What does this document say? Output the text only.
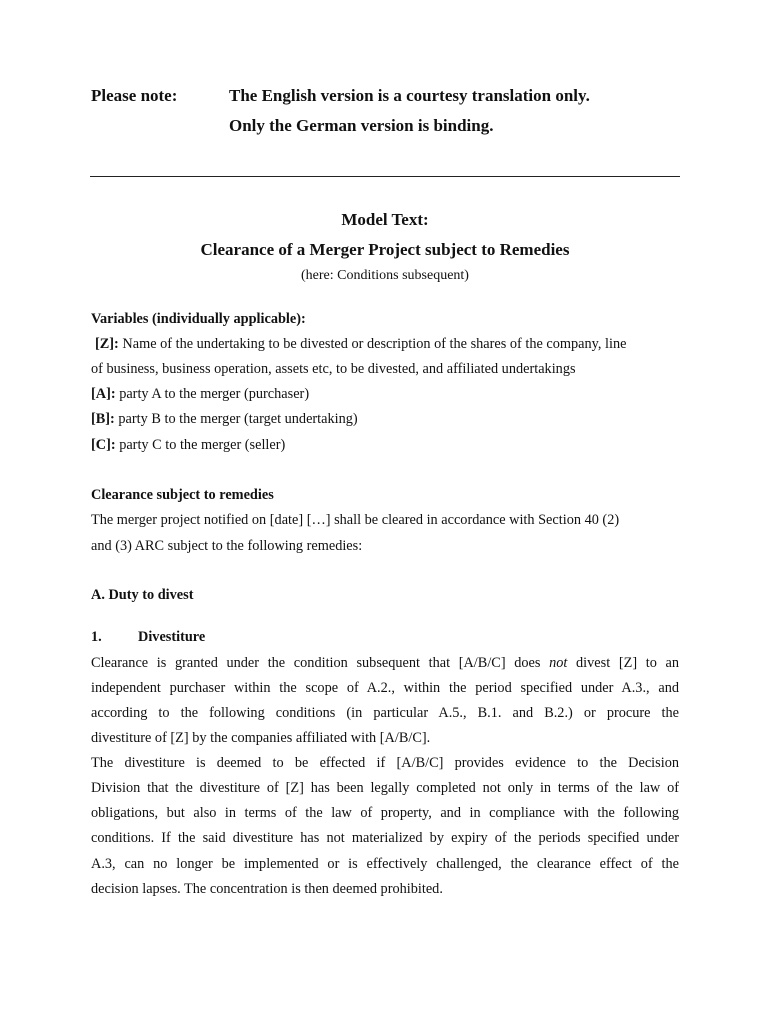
Please note:	The English version is a courtesy translation only.
Only the German version is binding.
Model Text:
Clearance of a Merger Project subject to Remedies
(here: Conditions subsequent)
Variables (individually applicable):
[Z]: Name of the undertaking to be divested or description of the shares of the company, line
of business, business operation, assets etc, to be divested, and affiliated undertakings
[A]: party A to the merger (purchaser)
[B]: party B to the merger (target undertaking)
[C]: party C to the merger (seller)
Clearance subject to remedies
The merger project notified on [date] […] shall be cleared in accordance with Section 40 (2)
and (3) ARC subject to the following remedies:
A. Duty to divest
1.	Divestiture
Clearance is granted under the condition subsequent that [A/B/C] does not divest [Z] to an
independent purchaser within the scope of A.2., within the period specified under A.3., and
according to the following conditions (in particular A.5., B.1. and B.2.) or procure the
divestiture of [Z] by the companies affiliated with [A/B/C].
The divestiture is deemed to be effected if [A/B/C] provides evidence to the Decision
Division that the divestiture of [Z] has been legally completed not only in terms of the law of
obligations, but also in terms of the law of property, and in compliance with the following
conditions. If the said divestiture has not materialized by expiry of the periods specified under
A.3, can no longer be implemented or is effectively challenged, the clearance effect of the
decision lapses. The concentration is then deemed prohibited.
